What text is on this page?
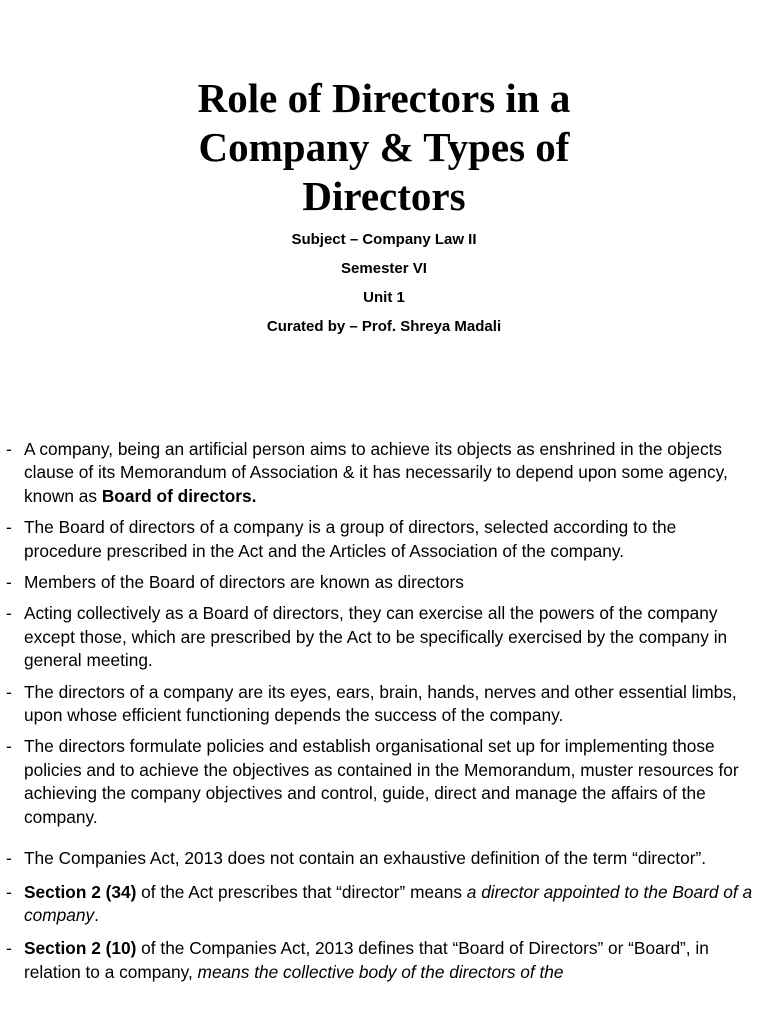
Role of Directors in a
Company & Types of
Directors
Subject – Company Law II
Semester VI
Unit 1
Curated by – Prof. Shreya Madali
- A company, being an artificial person aims to achieve its objects as enshrined in the objects clause of its Memorandum of Association & it has necessarily to depend upon some agency, known as Board of directors.
- The Board of directors of a company is a group of directors, selected according to the procedure prescribed in the Act and the Articles of Association of the company.
- Members of the Board of directors are known as directors
- Acting collectively as a Board of directors, they can exercise all the powers of the company except those, which are prescribed by the Act to be specifically exercised by the company in general meeting.
- The directors of a company are its eyes, ears, brain, hands, nerves and other essential limbs, upon whose efficient functioning depends the success of the company.
- The directors formulate policies and establish organisational set up for implementing those policies and to achieve the objectives as contained in the Memorandum, muster resources for achieving the company objectives and control, guide, direct and manage the affairs of the company.
- The Companies Act, 2013 does not contain an exhaustive definition of the term “director”.
- Section 2 (34) of the Act prescribes that “director” means a director appointed to the Board of a company.
- Section 2 (10) of the Companies Act, 2013 defines that “Board of Directors” or “Board”, in relation to a company, means the collective body of the directors of the
